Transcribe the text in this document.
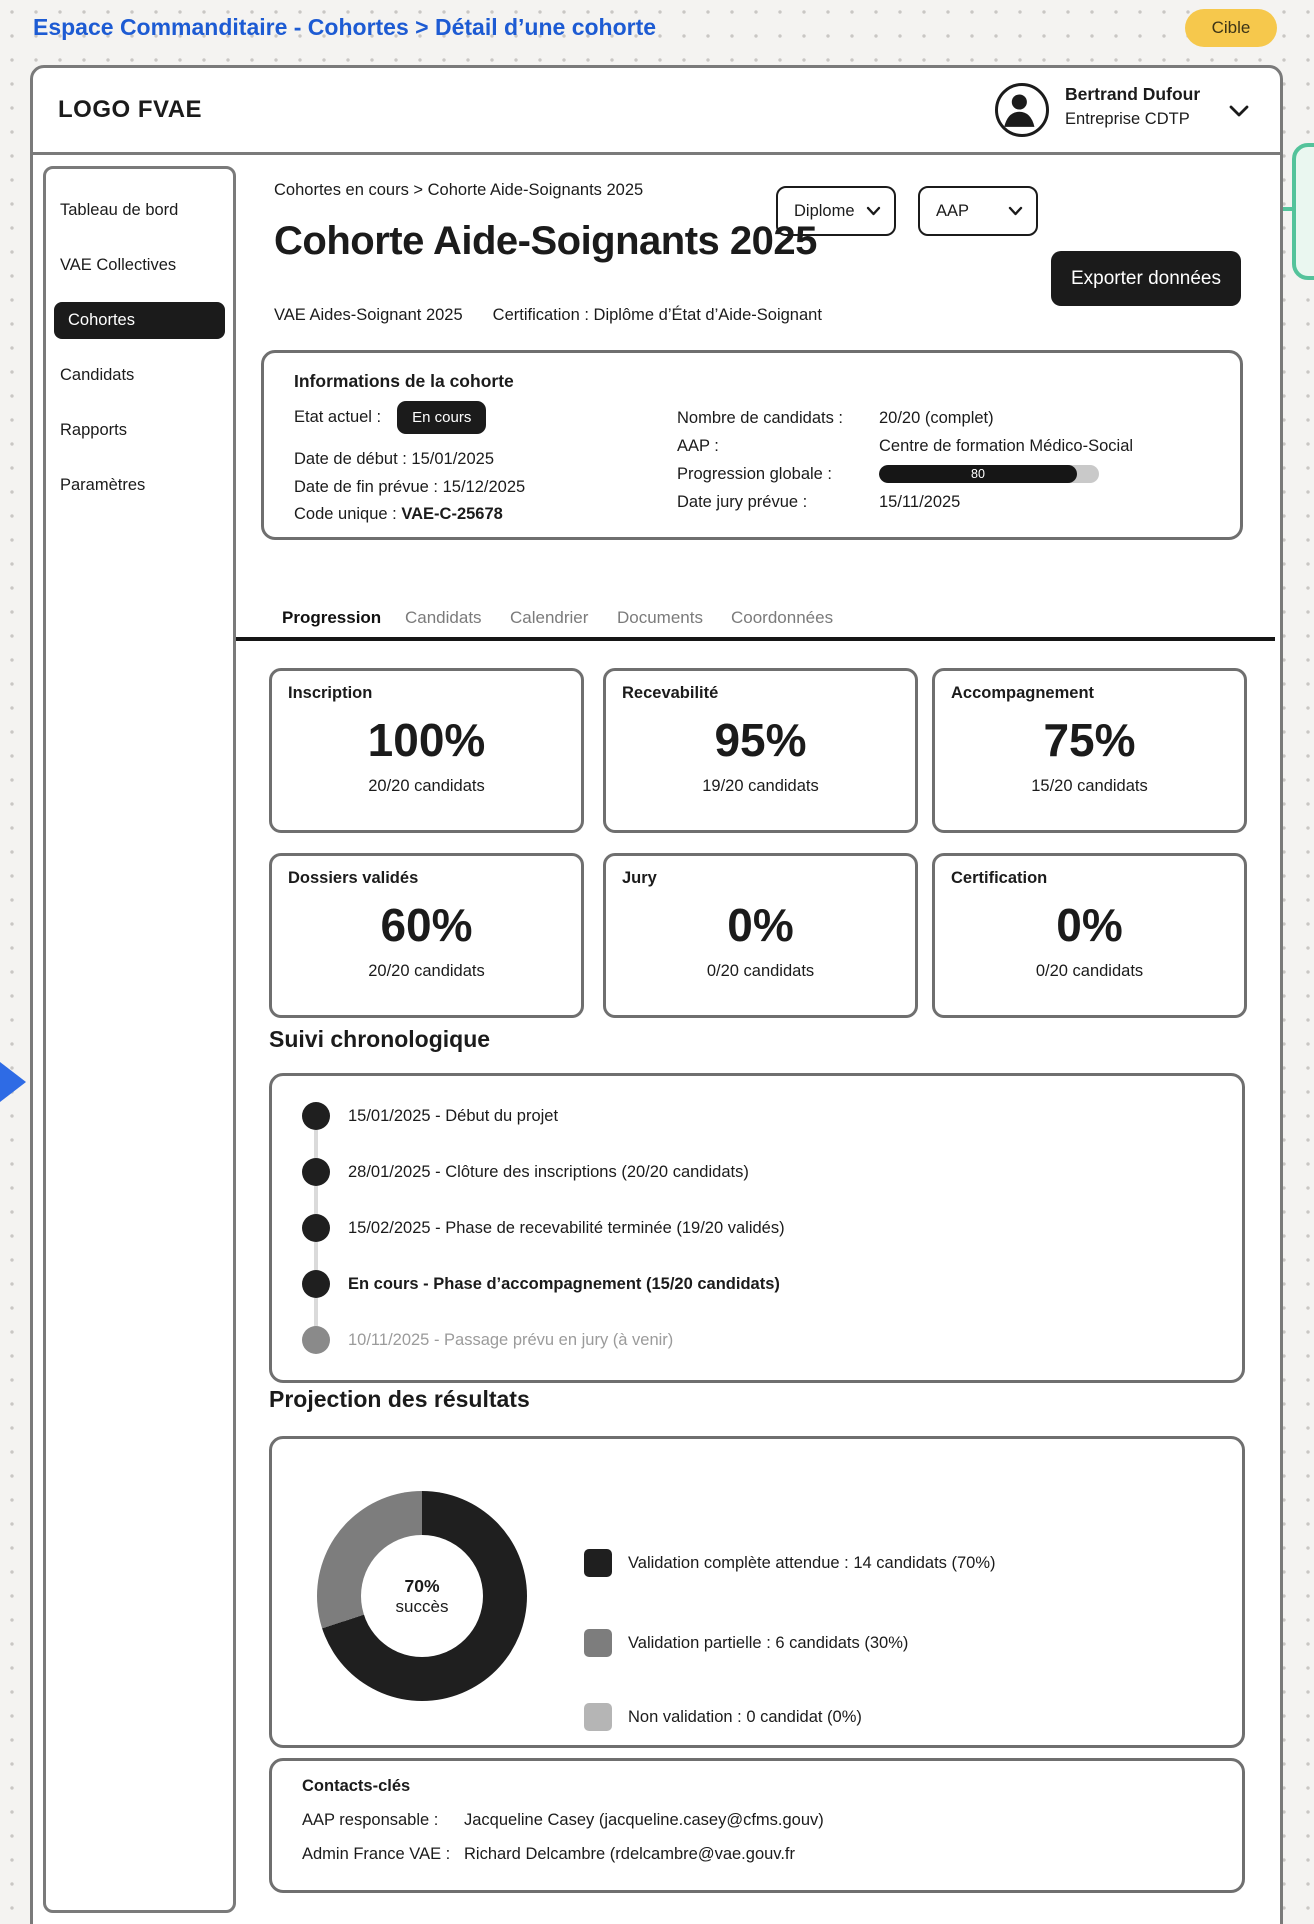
Espace Commanditaire - Cohortes > Détail d’une cohorte	Cible
LOGO FVAE
Bertrand Dufour
Entreprise CDTP
Tableau de bord
VAE Collectives
Cohortes
Candidats
Rapports
Paramètres
Cohortes en cours > Cohorte Aide-Soignants 2025
Diplome	AAP
Cohorte Aide-Soignants 2025
Exporter données
VAE Aides-Soignant 2025 Certification : Diplôme d’État d’Aide-Soignant
Informations de la cohorte
Etat actuel :	En cours
Date de début : 15/01/2025
Date de fin prévue : 15/12/2025
Code unique : VAE-C-25678
Nombre de candidats : 20/20 (complet)
AAP :	Centre de formation Médico-Social
Progression globale :	80
Date jury prévue :	15/11/2025
Progression Candidats Calendrier Documents Coordonnées
Inscription
100%
20/20 candidats
Recevabilité
95%
19/20 candidats
Accompagnement
75%
15/20 candidats
Dossiers validés
60%
20/20 candidats
Jury
0%
0/20 candidats
Certification
0%
0/20 candidats
Suivi chronologique
15/01/2025 - Début du projet
28/01/2025 - Clôture des inscriptions (20/20 candidats)
15/02/2025 - Phase de recevabilité terminée (19/20 validés)
En cours - Phase d’accompagnement (15/20 candidats)
10/11/2025 - Passage prévu en jury (à venir)
Projection des résultats
70%
succès
Validation complète attendue : 14 candidats (70%)
Validation partielle : 6 candidats (30%)
Non validation : 0 candidat (0%)
Contacts-clés
AAP responsable :	Jacqueline Casey (jacqueline.casey@cfms.gouv)
Admin France VAE : Richard Delcambre (rdelcambre@vae.gouv.fr
